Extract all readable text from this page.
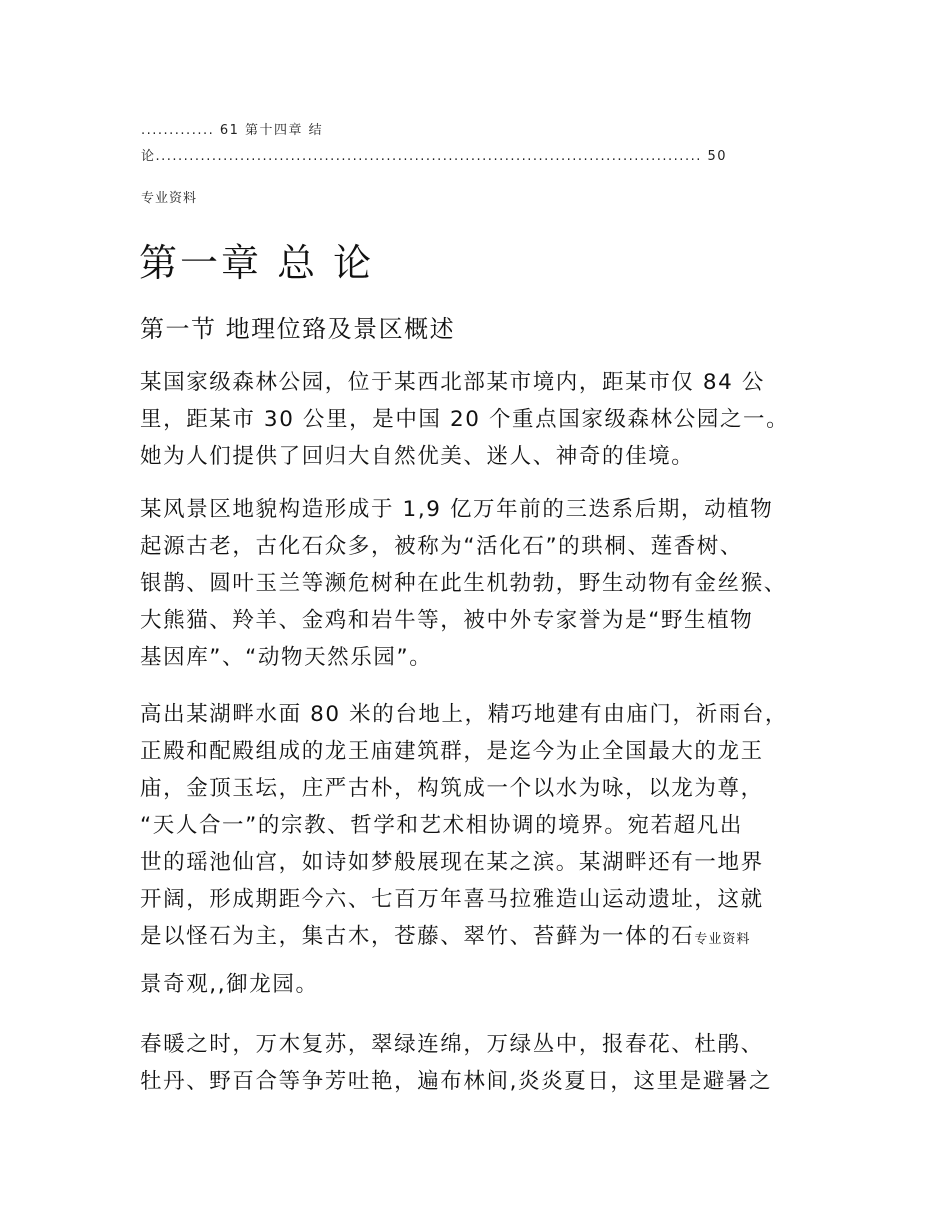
............. 61 第十四章 结
论................................................................................................. 50
专业资料
第一章 总 论
第一节 地理位臵及景区概述
某国家级森林公园，位于某西北部某市境内，距某市仅 84 公
里，距某市 30 公里，是中国 20 个重点国家级森林公园之一。
她为人们提供了回归大自然优美、迷人、神奇的佳境。
某风景区地貌构造形成于 1,9 亿万年前的三迭系后期，动植物
起源古老，古化石众多，被称为“活化石”的珙桐、莲香树、
银鹊、圆叶玉兰等濒危树种在此生机勃勃，野生动物有金丝猴、
大熊猫、羚羊、金鸡和岩牛等，被中外专家誉为是“野生植物
基因库”、“动物天然乐园”。
高出某湖畔水面 80 米的台地上，精巧地建有由庙门，祈雨台，
正殿和配殿组成的龙王庙建筑群，是迄今为止全国最大的龙王
庙，金顶玉坛，庄严古朴，构筑成一个以水为咏，以龙为尊，
“天人合一”的宗教、哲学和艺术相协调的境界。宛若超凡出
世的瑶池仙宫，如诗如梦般展现在某之滨。某湖畔还有一地界
开阔，形成期距今六、七百万年喜马拉雅造山运动遗址，这就
是以怪石为主，集古木，苍藤、翠竹、苔藓为一体的石专业资料
景奇观,,御龙园。
春暖之时，万木复苏，翠绿连绵，万绿丛中，报春花、杜鹃、
牡丹、野百合等争芳吐艳，遍布林间,炎炎夏日，这里是避暑之
